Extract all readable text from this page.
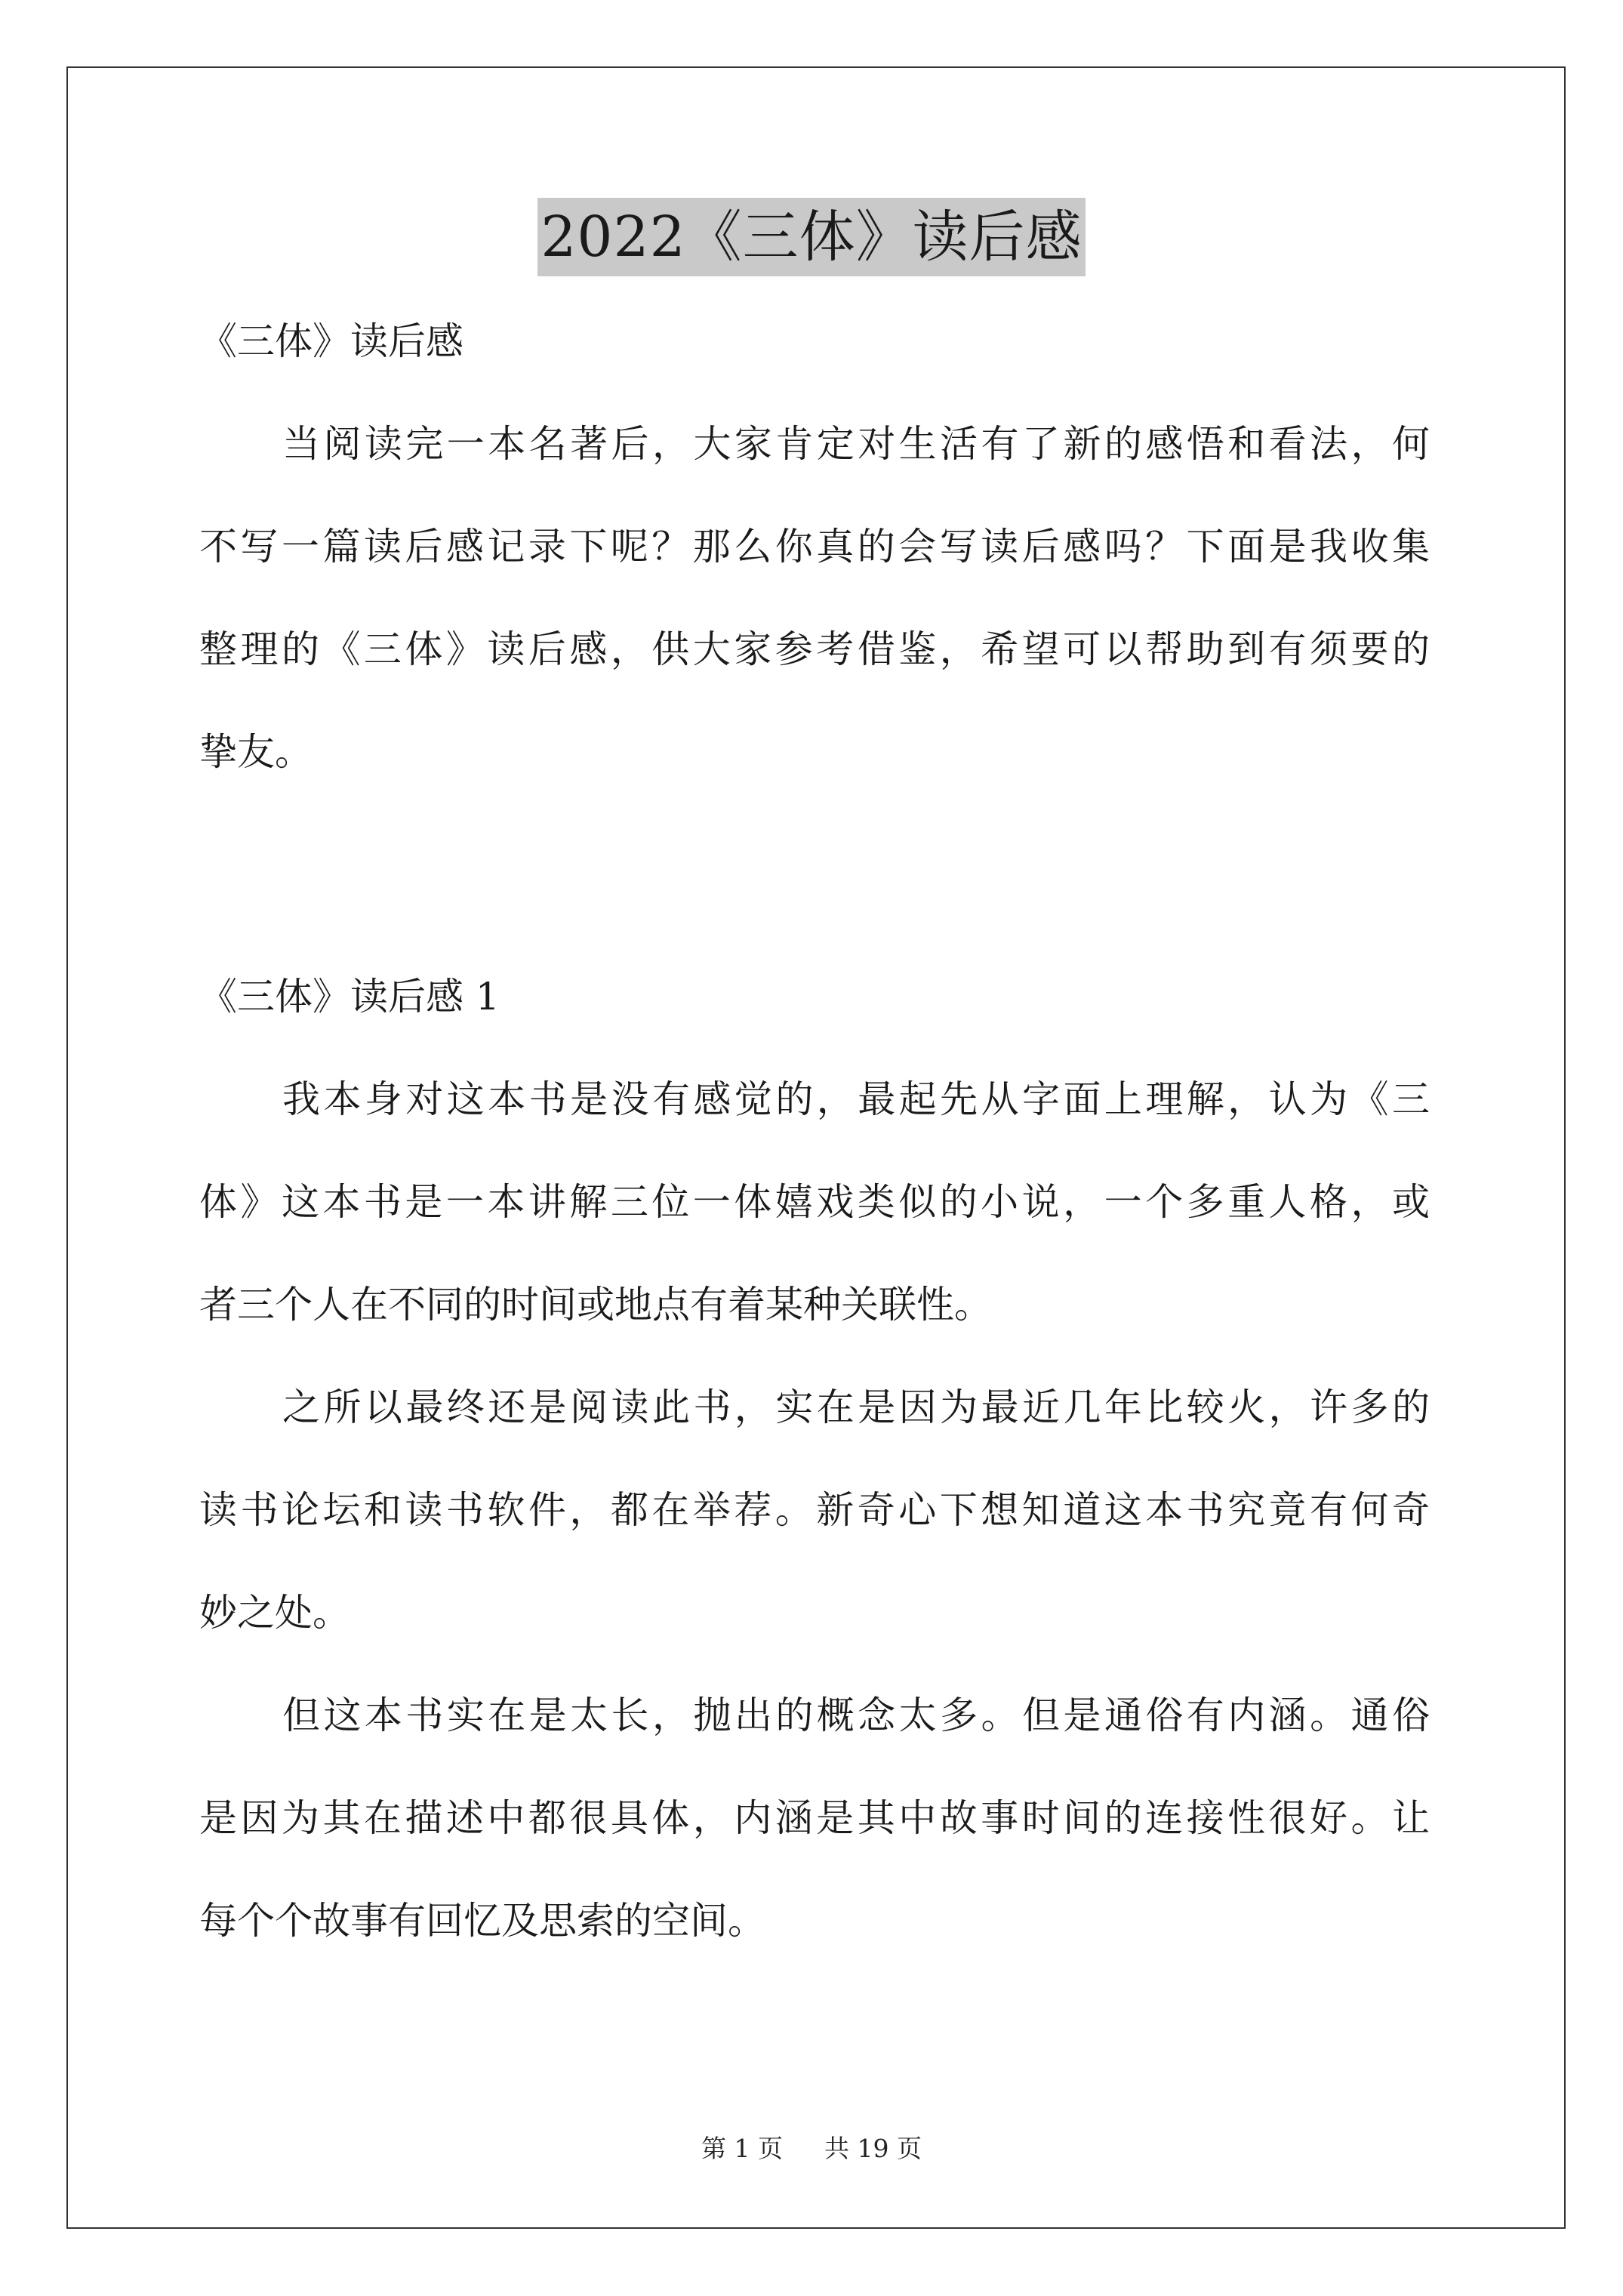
2022《三体》读后感
《三体》读后感
当阅读完一本名著后，大家肯定对生活有了新的感悟和看法，何
不写一篇读后感记录下呢？那么你真的会写读后感吗？下面是我收集
整理的《三体》读后感，供大家参考借鉴，希望可以帮助到有须要的
挚友。
《三体》读后感 1
我本身对这本书是没有感觉的，最起先从字面上理解，认为《三
体》这本书是一本讲解三位一体嬉戏类似的小说，一个多重人格，或
者三个人在不同的时间或地点有着某种关联性。
之所以最终还是阅读此书，实在是因为最近几年比较火，许多的
读书论坛和读书软件，都在举荐。新奇心下想知道这本书究竟有何奇
妙之处。
但这本书实在是太长，抛出的概念太多。但是通俗有内涵。通俗
是因为其在描述中都很具体，内涵是其中故事时间的连接性很好。让
每个个故事有回忆及思索的空间。
第 1 页 共 19 页
